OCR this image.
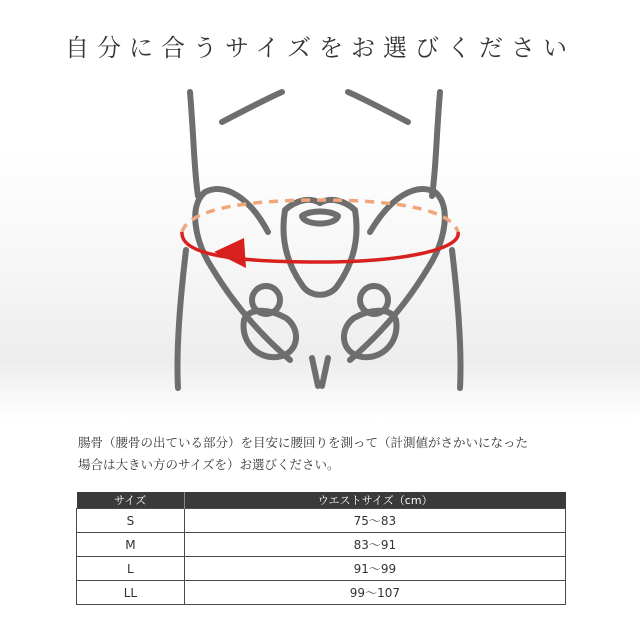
自分に合うサイズをお選びください
腸骨（腰骨の出ている部分）を目安に腰回りを測って（計測値がさかいになった
場合は大きい方のサイズを）お選びください。
サイズ	ウエストサイズ（cm）
S	75〜83
M	83〜91
L	91〜99
LL	99〜107
